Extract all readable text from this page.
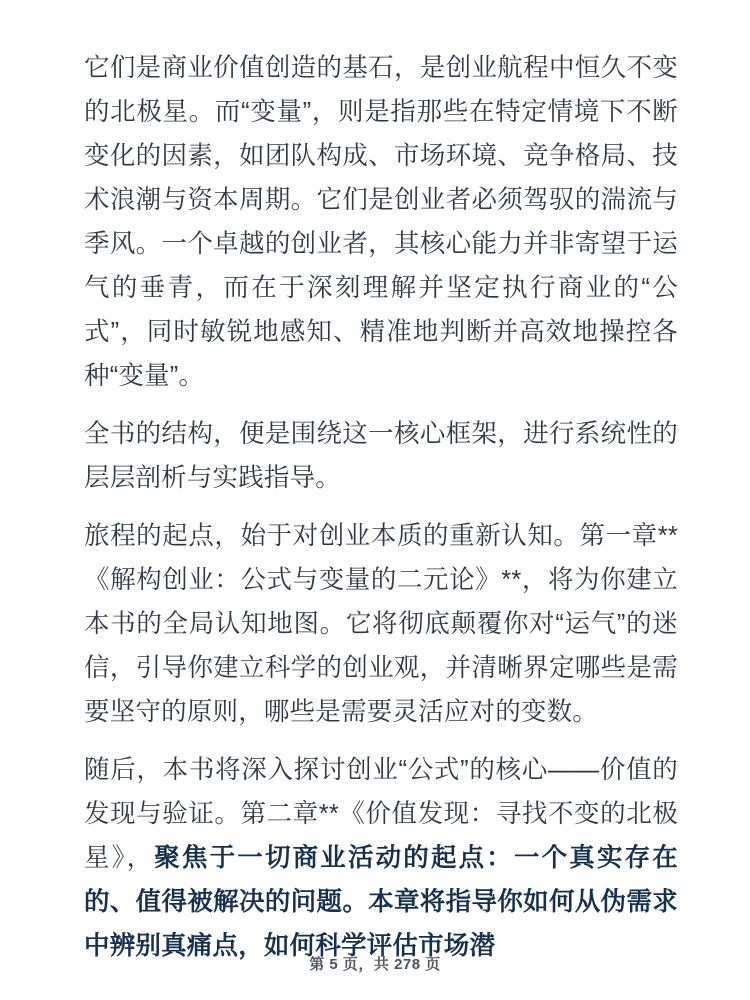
它们是商业价值创造的基石，是创业航程中恒久不变的北极星。而“变量”，则是指那些在特定情境下不断变化的因素，如团队构成、市场环境、竞争格局、技术浪潮与资本周期。它们是创业者必须驾驭的湍流与季风。一个卓越的创业者，其核心能力并非寄望于运气的垂青，而在于深刻理解并坚定执行商业的“公式”，同时敏锐地感知、精准地判断并高效地操控各种“变量”。

全书的结构，便是围绕这一核心框架，进行系统性的层层剖析与实践指导。

旅程的起点，始于对创业本质的重新认知。第一章**《解构创业：公式与变量的二元论》**，将为你建立本书的全局认知地图。它将彻底颠覆你对“运气”的迷信，引导你建立科学的创业观，并清晰界定哪些是需要坚守的原则，哪些是需要灵活应对的变数。

随后，本书将深入探讨创业“公式”的核心——价值的发现与验证。第二章**《价值发现：寻找不变的北极星》，聚焦于一切商业活动的起点：一个真实存在的、值得被解决的问题。本章将指导你如何从伪需求中辨别真痛点，如何科学评估市场潜

第 5 页，共 278 页
